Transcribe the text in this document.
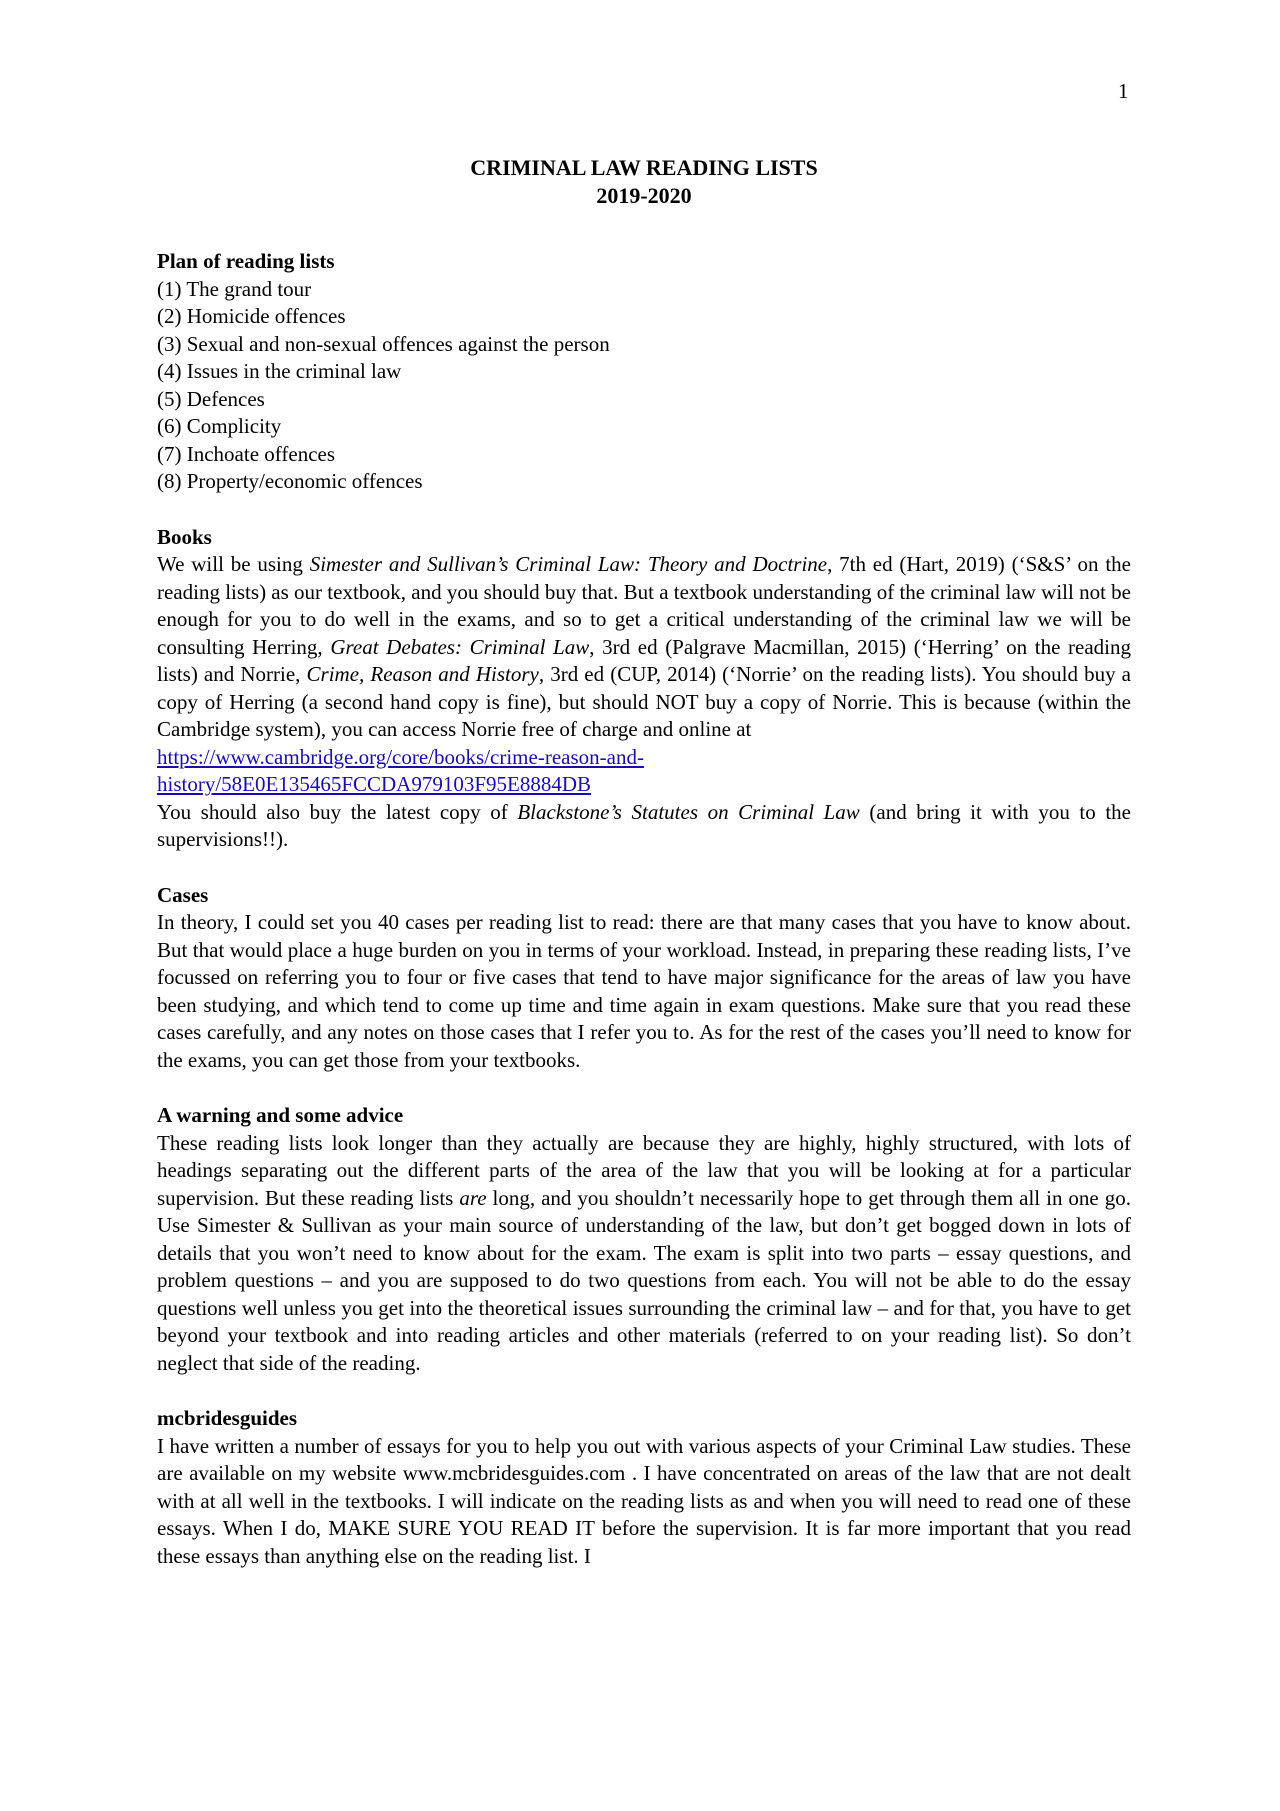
1
CRIMINAL LAW READING LISTS
2019-2020
Plan of reading lists
(1) The grand tour
(2) Homicide offences
(3) Sexual and non-sexual offences against the person
(4) Issues in the criminal law
(5) Defences
(6) Complicity
(7) Inchoate offences
(8) Property/economic offences
Books

We will be using Simester and Sullivan’s Criminal Law: Theory and Doctrine, 7th ed (Hart, 2019) (‘S&S’ on the reading lists) as our textbook, and you should buy that. But a textbook understanding of the criminal law will not be enough for you to do well in the exams, and so to get a critical understanding of the criminal law we will be consulting Herring, Great Debates: Criminal Law, 3rd ed (Palgrave Macmillan, 2015) (‘Herring’ on the reading lists) and Norrie, Crime, Reason and History, 3rd ed (CUP, 2014) (‘Norrie’ on the reading lists). You should buy a copy of Herring (a second hand copy is fine), but should NOT buy a copy of Norrie. This is because (within the Cambridge system), you can access Norrie free of charge and online at

https://www.cambridge.org/core/books/crime-reason-and-
history/58E0E135465FCCDA979103F95E8884DB

You should also buy the latest copy of Blackstone’s Statutes on Criminal Law (and bring it with you to the supervisions!!).

Cases

In theory, I could set you 40 cases per reading list to read: there are that many cases that you have to know about. But that would place a huge burden on you in terms of your workload. Instead, in preparing these reading lists, I’ve focussed on referring you to four or five cases that tend to have major significance for the areas of law you have been studying, and which tend to come up time and time again in exam questions. Make sure that you read these cases carefully, and any notes on those cases that I refer you to. As for the rest of the cases you’ll need to know for the exams, you can get those from your textbooks.

A warning and some advice

These reading lists look longer than they actually are because they are highly, highly structured, with lots of headings separating out the different parts of the area of the law that you will be looking at for a particular supervision. But these reading lists are long, and you shouldn’t necessarily hope to get through them all in one go. Use Simester & Sullivan as your main source of understanding of the law, but don’t get bogged down in lots of details that you won’t need to know about for the exam. The exam is split into two parts – essay questions, and problem questions – and you are supposed to do two questions from each. You will not be able to do the essay questions well unless you get into the theoretical issues surrounding the criminal law – and for that, you have to get beyond your textbook and into reading articles and other materials (referred to on your reading list). So don’t neglect that side of the reading.

mcbridesguides

I have written a number of essays for you to help you out with various aspects of your Criminal Law studies. These are available on my website www.mcbridesguides.com . I have concentrated on areas of the law that are not dealt with at all well in the textbooks. I will indicate on the reading lists as and when you will need to read one of these essays. When I do, MAKE SURE YOU READ IT before the supervision. It is far more important that you read these essays than anything else on the reading list. I
